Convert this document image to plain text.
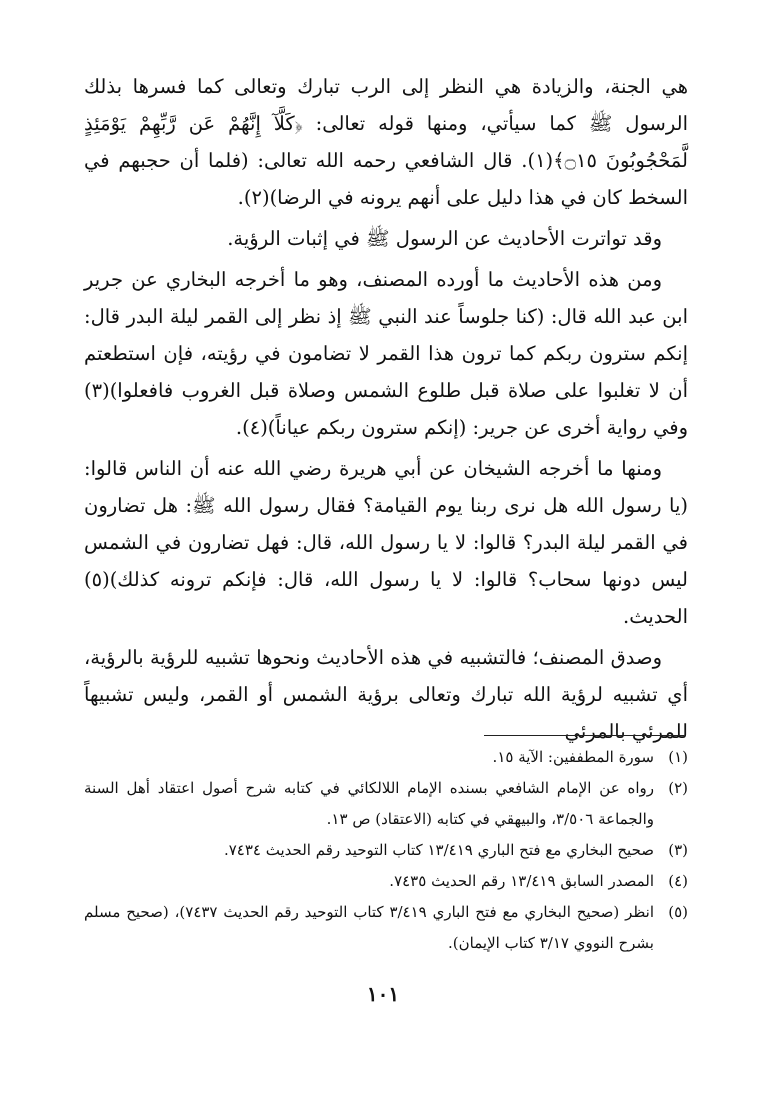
هي الجنة، والزيادة هي النظر إلى الرب تبارك وتعالى كما فسرها بذلك الرسول ﷺ كما سيأتي، ومنها قوله تعالى: ﴿كَلَّآ إِنَّهُمْ عَن رَّبِّهِمْ يَوْمَئِذٍ لَّمَحْجُوبُونَ ۝١٥﴾(١). قال الشافعي رحمه الله تعالى: (فلما أن حجبهم في السخط كان في هذا دليل على أنهم يرونه في الرضا)(٢).

وقد تواترت الأحاديث عن الرسول ﷺ في إثبات الرؤية.

ومن هذه الأحاديث ما أورده المصنف، وهو ما أخرجه البخاري عن جرير ابن عبد الله قال: (كنا جلوساً عند النبي ﷺ إذ نظر إلى القمر ليلة البدر قال: إنكم سترون ربكم كما ترون هذا القمر لا تضامون في رؤيته، فإن استطعتم أن لا تغلبوا على صلاة قبل طلوع الشمس وصلاة قبل الغروب فافعلوا)(٣) وفي رواية أخرى عن جرير: (إنكم سترون ربكم عياناً)(٤).

ومنها ما أخرجه الشيخان عن أبي هريرة رضي الله عنه أن الناس قالوا: (يا رسول الله هل نرى ربنا يوم القيامة؟ فقال رسول الله ﷺ: هل تضارون في القمر ليلة البدر؟ قالوا: لا يا رسول الله، قال: فهل تضارون في الشمس ليس دونها سحاب؟ قالوا: لا يا رسول الله، قال: فإنكم ترونه كذلك)(٥) الحديث.

وصدق المصنف؛ فالتشبيه في هذه الأحاديث ونحوها تشبيه للرؤية بالرؤية، أي تشبيه لرؤية الله تبارك وتعالى برؤية الشمس أو القمر، وليس تشبيهاً للمرئي بالمرئي

(١)
سورة المطففين: الآية ١٥.
(٢)
رواه عن الإمام الشافعي بسنده الإمام اللالكائي في كتابه شرح أصول اعتقاد أهل السنة والجماعة ٣/٥٠٦، والبيهقي في كتابه (الاعتقاد) ص ١٣.
(٣)
صحيح البخاري مع فتح الباري ١٣/٤١٩ كتاب التوحيد رقم الحديث ٧٤٣٤.
(٤)
المصدر السابق ١٣/٤١٩ رقم الحديث ٧٤٣٥.
(٥)
انظر (صحيح البخاري مع فتح الباري ٣/٤١٩ كتاب التوحيد رقم الحديث ٧٤٣٧)، (صحيح مسلم بشرح النووي ٣/١٧ كتاب الإيمان).
١٠١
